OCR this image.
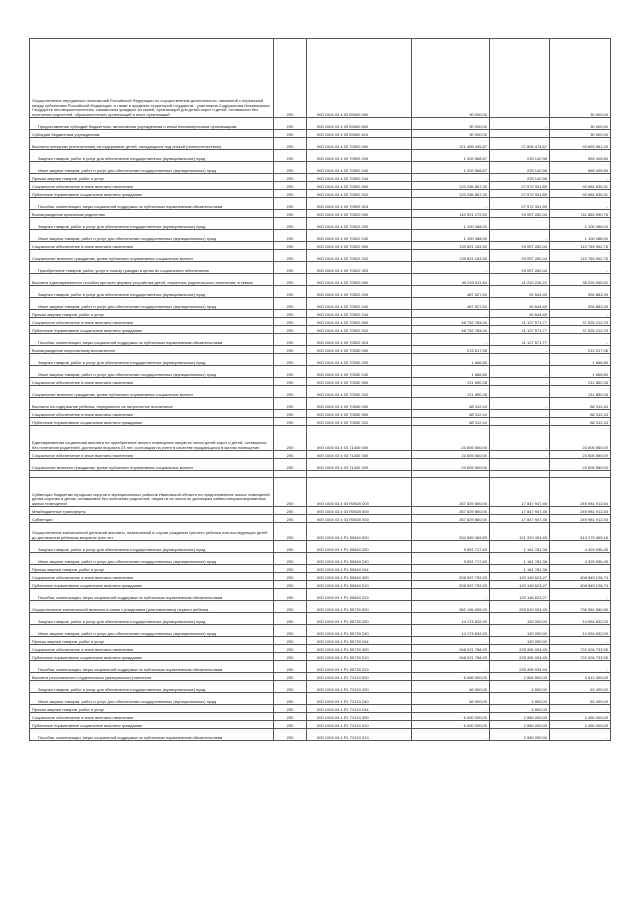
Осуществление переданных полномочий Российской Федерации по осуществлению деятельности, связанной с перевозкой между субъектами Российской Федерации, а также в пределах территорий государств - участников Содружества Независимых Государств несовершеннолетних, самовольно ушедших из семей, организаций для детей-сирот и детей, оставшихся без попечения родителей, образовательных организаций и иных организаций	200	000 1004 03 4 03 59400 000	30 000,00	-	30 000,00
Предоставление субсидий бюджетным, автономным учреждениям и иным некоммерческим организациям	200	000 1004 03 4 03 59400 600	30 000,00	-	30 000,00
Субсидии бюджетным учреждениям	200	000 1004 03 4 03 59400 610	30 000,00	-	30 000,00
Выплаты опекунам (попечителям) на содержание детей, находящихся под опекой (попечительством)	200	000 1004 03 4 03 70500 000	121 459 435,87	27 805 474,87	93 653 961,00
Закупка товаров, работ и услуг для обеспечения государственных (муниципальных) нужд	200	000 1004 03 4 03 70500 200	1 202 568,67	233 142,98	969 425,69
Иные закупки товаров, работ и услуг для обеспечения государственных (муниципальных) нужд	200	000 1004 03 4 03 70500 240	1 202 568,67	233 142,98	969 425,69
Прочая закупка товаров, работ и услуг	200	000 1004 03 4 03 70500 244	-	233 142,98	-
Социальное обеспечение и иные выплаты населению	200	000 1004 03 4 03 70500 300	120 256 867,20	27 572 331,89	92 684 535,31
Публичные нормативные социальные выплаты гражданам	200	000 1004 03 4 03 70500 310	120 256 867,20	27 572 331,89	92 684 535,31
Пособия, компенсации, меры социальной поддержки по публичным нормативным обязательствам	200	000 1004 03 4 03 70500 313	-	27 572 331,89	-
Вознаграждение приемным родителям	200	000 1004 03 4 03 70510 000	140 921 272,50	29 057 282,04	111 863 990,76
Закупка товаров, работ и услуг для обеспечения государственных (муниципальных) нужд	200	000 1004 03 4 03 70510 200	1 100 088,00	-	1 100 088,00
Иные закупки товаров, работ и услуг для обеспечения государственных (муниципальных) нужд	200	000 1004 03 4 03 70510 240	1 100 088,00	-	1 100 088,00
Социальное обеспечение и иные выплаты населению	200	000 1004 03 4 03 70510 300	139 821 184,50	29 057 282,04	110 763 902,76
Социальные выплаты гражданам, кроме публичных нормативных социальных выплат	200	000 1004 03 4 03 70510 320	139 821 184,50	29 057 282,04	110 763 902,76
Приобретение товаров, работ, услуг в пользу граждан в целях их социального обеспечения	200	000 1004 03 4 03 70510 323	-	29 057 282,04	-
Выплата единовременного пособия при всех формах устройства детей, лишенных родительского попечения, в семью	200	000 1004 03 4 03 70520 000	49 240 311,84	11 220 216,22	38 020 095,62
Закупка товаров, работ и услуг для обеспечения государственных (муниципальных) нужд	200	000 1004 03 4 03 70520 200	487 527,84	92 644,45	394 883,39
Иные закупки товаров, работ и услуг для обеспечения государственных (муниципальных) нужд	200	000 1004 03 4 03 70520 240	487 527,84	92 644,45	394 883,39
Прочая закупка товаров, работ и услуг	200	000 1004 03 4 03 70520 244	-	92 644,45	-
Социальное обеспечение и иные выплаты населению	200	000 1004 03 4 03 70520 300	48 752 784,00	11 127 571,77	37 625 212,23
Публичные нормативные социальные выплаты гражданам	200	000 1004 03 4 03 70520 310	48 752 784,00	11 127 571,77	37 625 212,23
Пособия, компенсации, меры социальной поддержки по публичным нормативным обязательствам	200	000 1004 03 4 03 70520 313	-	11 127 571,77	-
Вознаграждение патронатному воспитателю	200	000 1004 03 4 03 70530 000	213 517,08	-	213 517,08
Закупка товаров, работ и услуг для обеспечения государственных (муниципальных) нужд	200	000 1004 03 4 03 70530 200	1 666,80	-	1 666,80
Иные закупки товаров, работ и услуг для обеспечения государственных (муниципальных) нужд	200	000 1004 03 4 03 70530 240	1 666,80	-	1 666,80
Социальное обеспечение и иные выплаты населению	200	000 1004 03 4 03 70530 300	211 850,28	-	211 850,28
Социальные выплаты гражданам, кроме публичных нормативных социальных выплат	200	000 1004 03 4 03 70530 320	211 850,28	-	211 850,28
Выплаты на содержание ребенка, переданного на патронатное воспитание	200	000 1004 03 4 03 70540 000	88 312,44	-	88 312,44
Социальное обеспечение и иные выплаты населению	200	000 1004 03 4 03 70540 300	88 312,44	-	88 312,44
Публичные нормативные социальные выплаты гражданам	200	000 1004 03 4 03 70540 310	88 312,44	-	88 312,44
Единовременная социальная выплата на приобретение жилого помещения лицам из числа детей-сирот и детей, оставшихся без попечения родителей, достигшим возраста 23 лет, состоящим на учете в качестве нуждающихся в жилом помещении	200	000 1004 03 4 03 71440 000	23 605 560,00	-	23 605 560,00
Социальное обеспечение и иные выплаты населению	200	000 1004 03 4 03 71440 300	23 605 560,00	-	23 605 560,00
Социальные выплаты гражданам, кроме публичных нормативных социальных выплат	200	000 1004 03 4 03 71440 320	23 605 560,00	-	23 605 560,00

Субвенции бюджетам городских округов и муниципальных районов Ивановской области на предоставление жилых помещений детям-сиротам и детям, оставшимся без попечения родителей, лицам из их числа по договорам найма специализированных жилых помещений	200	000 1004 03 4 03 R0820 000	267 829 860,00	17 847 947,46	249 981 912,54
Межбюджетные трансферты	200	000 1004 03 4 03 R0820 500	267 829 860,00	17 847 947,46	249 981 912,54
Субвенции	200	000 1004 03 4 03 R0820 530	267 829 860,00	17 847 947,46	249 981 912,54
Осуществление ежемесячной денежной выплаты, назначаемой в случае рождения третьего ребенка или последующих детей до достижения ребенком возраста трех лет	200	000 1004 03 4 P1 50840 000	534 589 469,83	121 310 404,65	413 279 065,18
Закупка товаров, работ и услуг для обеспечения государственных (муниципальных) нужд	200	000 1004 03 4 P1 50840 200	5 591 717,83	1 161 781,38	4 429 936,45
Иные закупки товаров, работ и услуг для обеспечения государственных (муниципальных) нужд	200	000 1004 03 4 P1 50840 240	5 591 717,83	1 161 781,38	4 429 936,45
Прочая закупка товаров, работ и услуг	200	000 1004 03 4 P1 50840 244	-	1 161 781,38	-
Социальное обеспечение и иные выплаты населению	200	000 1004 03 4 P1 50840 300	528 997 752,00	120 148 623,27	408 849 128,73
Публичные нормативные социальные выплаты гражданам	200	000 1004 03 4 P1 50840 310	528 997 752,00	120 148 623,27	408 849 128,73
Пособия, компенсации, меры социальной поддержки по публичным нормативным обязательствам	200	000 1004 03 4 P1 50840 313	-	120 148 623,27	-
Осуществление ежемесячной выплаты в связи с рождением (усыновлением) первого ребенка	200	000 1004 03 4 P1 55730 000	962 196 605,00	225 615 024,45	736 581 580,55
Закупка товаров, работ и услуг для обеспечения государственных (муниципальных) нужд	200	000 1004 03 4 P1 55730 200	14 174 832,00	120 000,00	14 054 832,00
Иные закупки товаров, работ и услуг для обеспечения государственных (муниципальных) нужд	200	000 1004 03 4 P1 55730 240	14 174 832,00	120 000,00	14 054 832,00
Прочая закупка товаров, работ и услуг	200	000 1004 03 4 P1 55730 244	-	120 000,00	-
Социальное обеспечение и иные выплаты населению	200	000 1004 03 4 P1 55730 300	948 021 768,00	225 495 034,45	722 526 733,55
Публичные нормативные социальные выплаты гражданам	200	000 1004 03 4 P1 55730 310	948 021 768,00	225 495 034,45	722 526 733,55
Пособия, компенсации, меры социальной поддержки по публичным нормативным обязательствам	200	000 1004 03 4 P1 55730 313	-	225 495 034,45	-
Выплата регионального студенческого (материнского) капитала	200	000 1004 03 4 P1 71210 000	6 066 900,00	2 554 500,00	3 512 400,00
Закупка товаров, работ и услуг для обеспечения государственных (муниципальных) нужд	200	000 1004 03 4 P1 71210 200	66 900,00	4 500,00	62 400,00
Иные закупки товаров, работ и услуг для обеспечения государственных (муниципальных) нужд	200	000 1004 03 4 P1 71210 240	66 900,00	4 500,00	62 400,00
Прочая закупка товаров, работ и услуг	200	000 1004 03 4 P1 71210 244	-	4 500,00	-
Социальное обеспечение и иные выплаты населению	200	000 1004 03 4 P1 71210 300	6 000 000,00	2 550 000,00	3 450 000,00
Публичные нормативные социальные выплаты гражданам	200	000 1004 03 4 P1 71210 310	6 000 000,00	2 550 000,00	3 450 000,00
Пособия, компенсации, меры социальной поддержки по публичным нормативным обязательствам	200	000 1004 03 4 P1 71210 313	-	2 550 000,00	-
